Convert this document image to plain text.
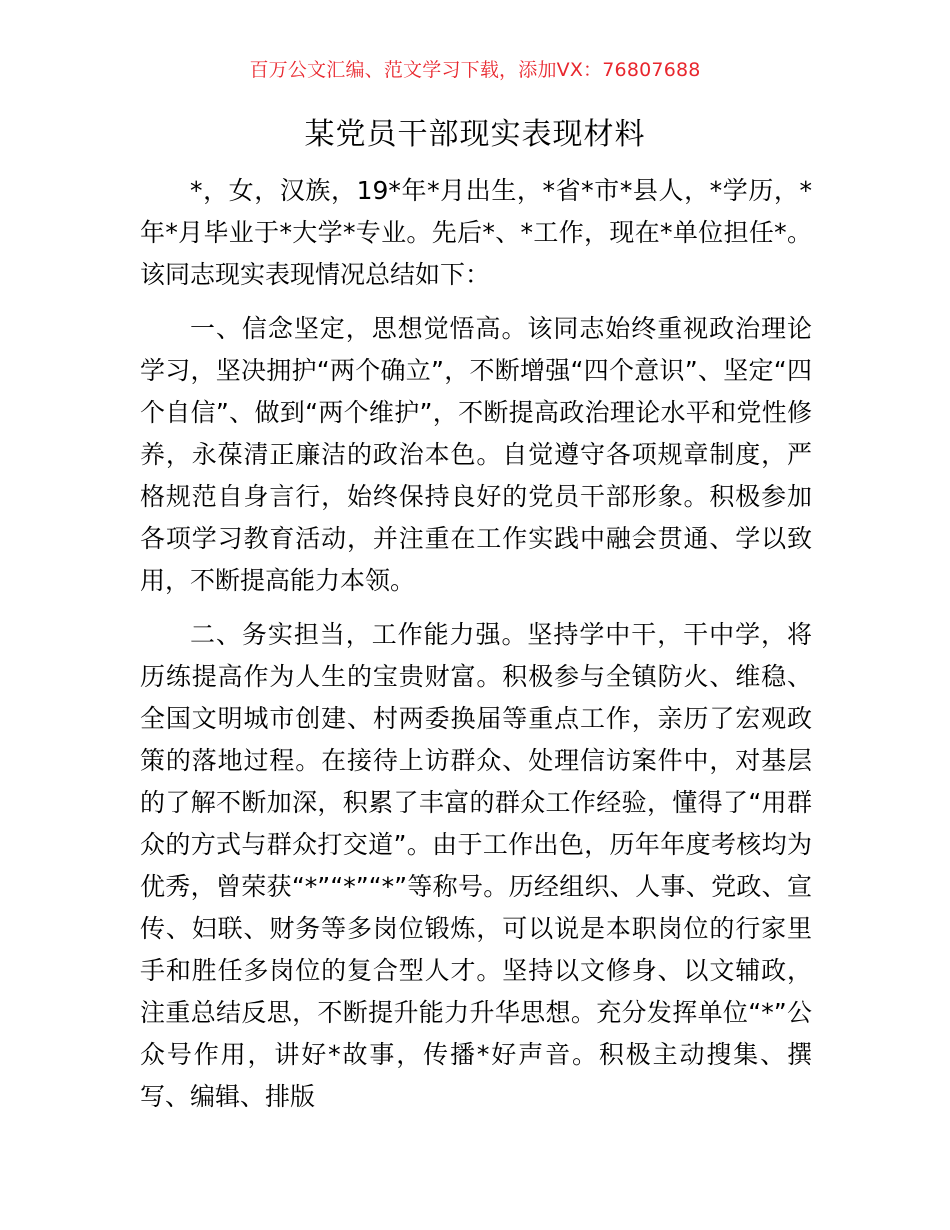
百万公文汇编、范文学习下载，添加VX：76807688
某党员干部现实表现材料

*，女，汉族，19*年*月出生，*省*市*县人，*学历，*年*月毕业于*大学*专业。先后*、*工作，现在*单位担任*。该同志现实表现情况总结如下：

一、信念坚定，思想觉悟高。该同志始终重视政治理论学习，坚决拥护“两个确立”，不断增强“四个意识”、坚定“四个自信”、做到“两个维护”，不断提高政治理论水平和党性修养，永葆清正廉洁的政治本色。自觉遵守各项规章制度，严格规范自身言行，始终保持良好的党员干部形象。积极参加各项学习教育活动，并注重在工作实践中融会贯通、学以致用，不断提高能力本领。

二、务实担当，工作能力强。坚持学中干，干中学，将历练提高作为人生的宝贵财富。积极参与全镇防火、维稳、全国文明城市创建、村两委换届等重点工作，亲历了宏观政策的落地过程。在接待上访群众、处理信访案件中，对基层的了解不断加深，积累了丰富的群众工作经验，懂得了“用群众的方式与群众打交道”。由于工作出色，历年年度考核均为优秀，曾荣获“*”“*”“*”等称号。历经组织、人事、党政、宣传、妇联、财务等多岗位锻炼，可以说是本职岗位的行家里手和胜任多岗位的复合型人才。坚持以文修身、以文辅政，注重总结反思，不断提升能力升华思想。充分发挥单位“*”公众号作用，讲好*故事，传播*好声音。积极主动搜集、撰写、编辑、排版
